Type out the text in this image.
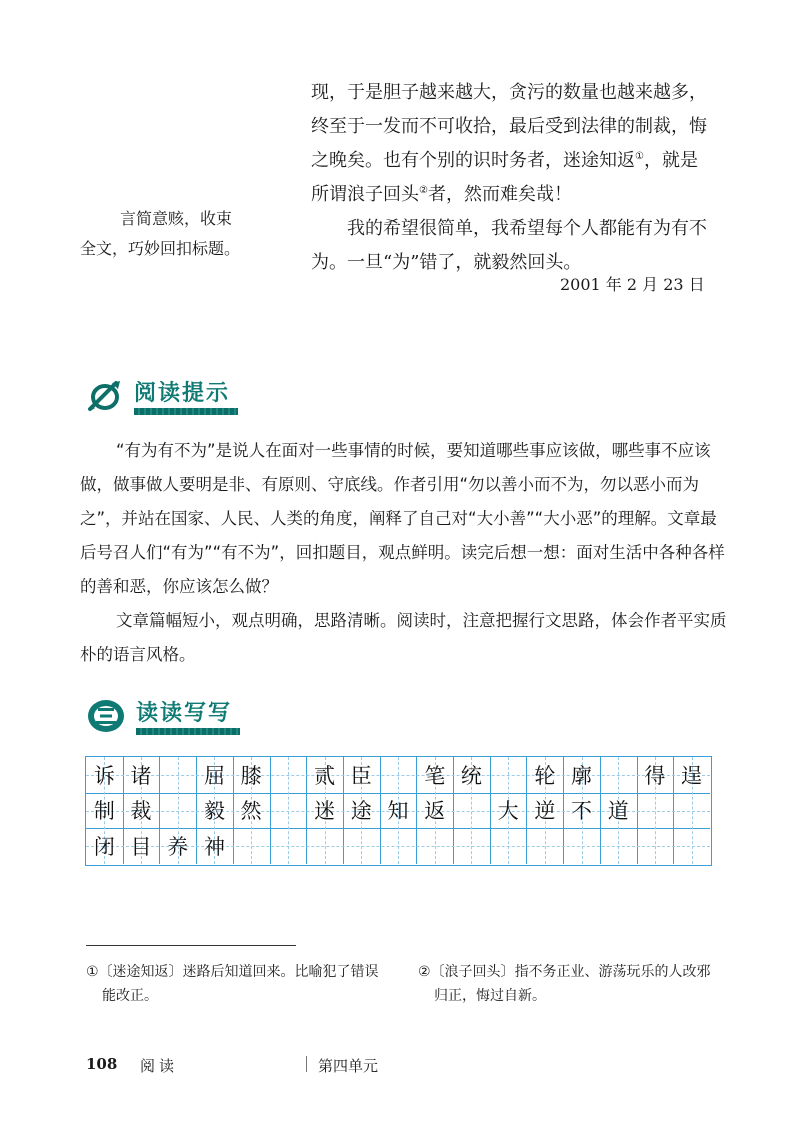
现，于是胆子越来越大，贪污的数量也越来越多，

终至于一发而不可收拾，最后受到法律的制裁，悔

之晚矣。也有个别的识时务者，迷途知返①，就是

所谓浪子回头②者，然而难矣哉！

我的希望很简单，我希望每个人都能有为有不为。一旦“为”错了，就毅然回头。

2001 年 2 月 23 日
言简意赅，收束
全文，巧妙回扣标题。
阅读提示

“有为有不为”是说人在面对一些事情的时候，要知道哪些事应该做，哪些事不应该做，做事做人要明是非、有原则、守底线。作者引用“勿以善小而不为，勿以恶小而为之”，并站在国家、人民、人类的角度，阐释了自己对“大小善”“大小恶”的理解。文章最后号召人们“有为”“有不为”，回扣题目，观点鲜明。读完后想一想：面对生活中各种各样的善和恶，你应该怎么做？

文章篇幅短小，观点明确，思路清晰。阅读时，注意把握行文思路，体会作者平实质朴的语言风格。

读读写写
诉 诸	屈 膝	贰 臣	笔 统	轮 廓	得 逞
制 裁	毅 然	迷 途 知 返	大 逆 不 道
闭 目 养 神
①〔迷途知返〕迷路后知道回来。比喻犯了错误
能改正。
②〔浪子回头〕指不务正业、游荡玩乐的人改邪
归正，悔过自新。
108 阅读	第四单元
